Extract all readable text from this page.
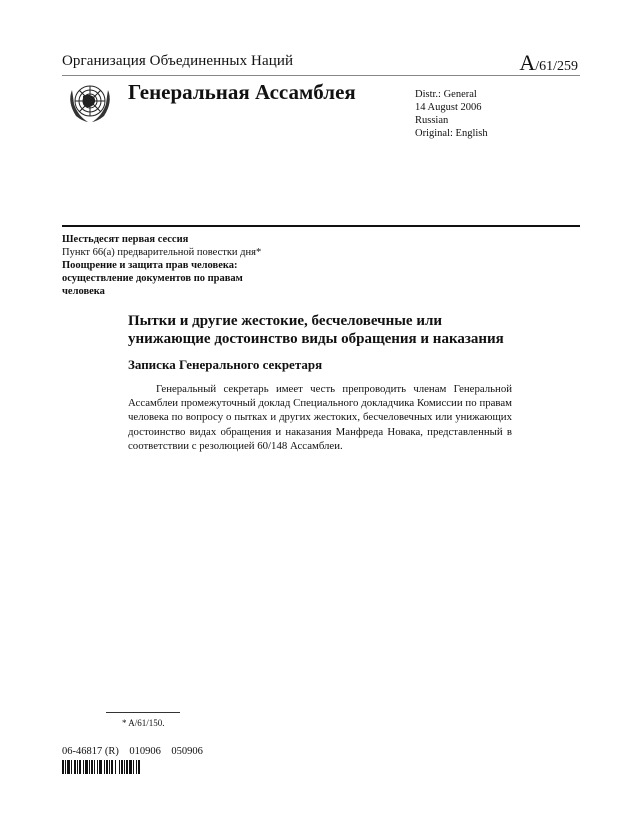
Организация Объединенных Наций	A/61/259
Генеральная Ассамблея	Distr.: General
14 August 2006
Russian
Original: English
Шестьдесят первая сессия
Пункт 66(a) предварительной повестки дня*
Поощрение и защита прав человека:
осуществление документов по правам
человека
Пытки и другие жестокие, бесчеловечные или
унижающие достоинство виды обращения и наказания
Записка Генерального секретаря

Генеральный секретарь имеет честь препроводить членам Генеральной Ассамблеи промежуточный доклад Специального докладчика Комиссии по правам человека по вопросу о пытках и других жестоких, бесчеловечных или унижающих достоинство видах обращения и наказания Манфреда Новака, представленный в соответствии с резолюцией 60/148 Ассамблеи.

* A/61/150.
06-46817 (R)    010906    050906
